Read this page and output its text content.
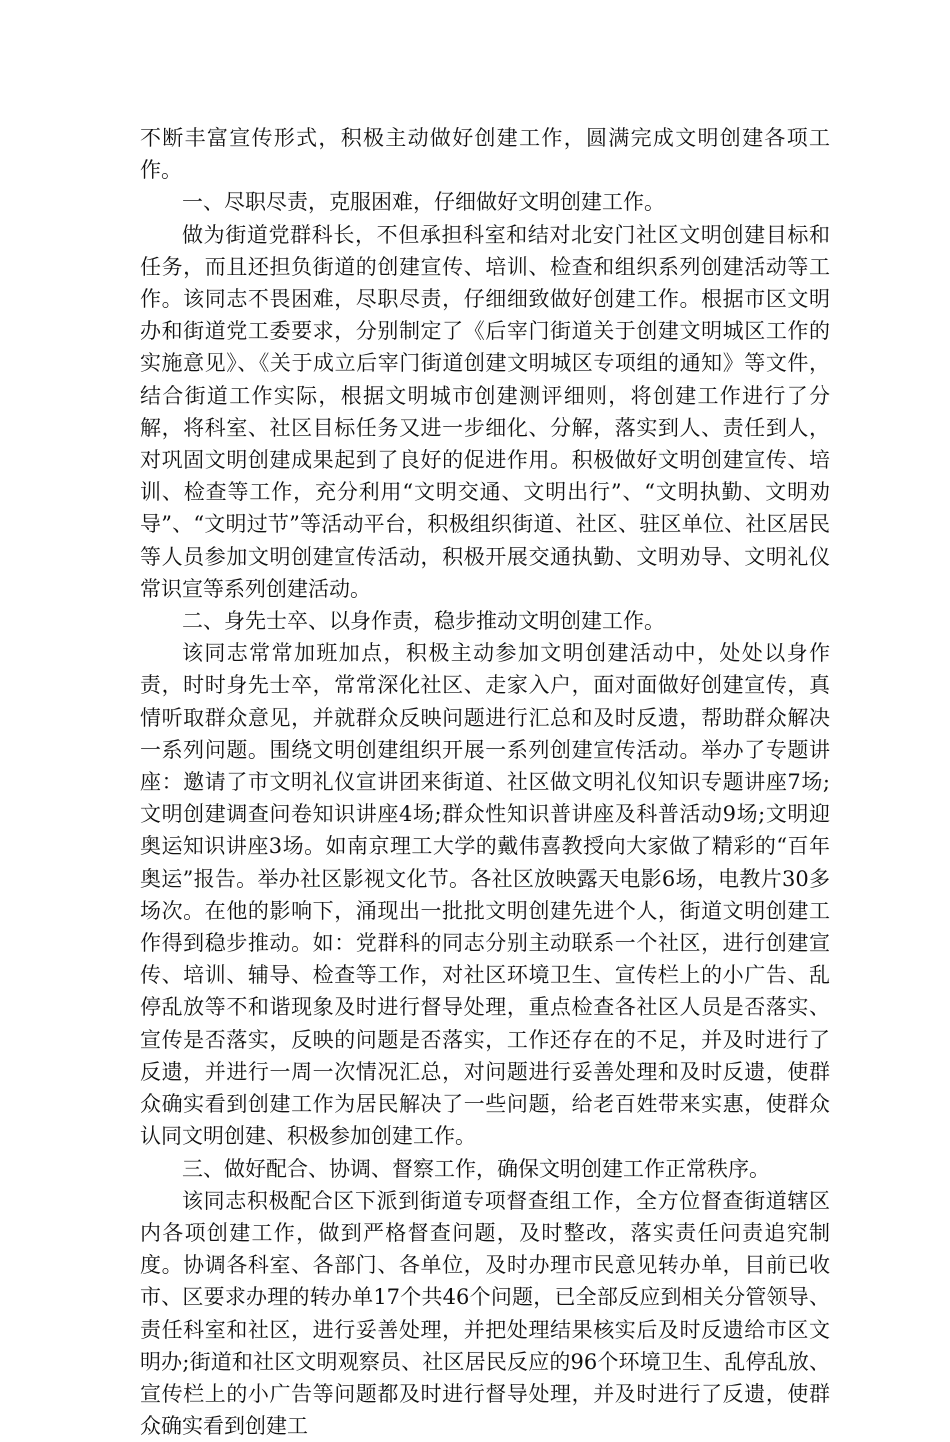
不断丰富宣传形式，积极主动做好创建工作，圆满完成文明创建各项工作。

一、尽职尽责，克服困难，仔细做好文明创建工作。

做为街道党群科长，不但承担科室和结对北安门社区文明创建目标和任务，而且还担负街道的创建宣传、培训、检查和组织系列创建活动等工作。该同志不畏困难，尽职尽责，仔细细致做好创建工作。根据市区文明办和街道党工委要求，分别制定了《后宰门街道关于创建文明城区工作的实施意见》、《关于成立后宰门街道创建文明城区专项组的通知》等文件，结合街道工作实际，根据文明城市创建测评细则，将创建工作进行了分解，将科室、社区目标任务又进一步细化、分解，落实到人、责任到人，对巩固文明创建成果起到了良好的促进作用。积极做好文明创建宣传、培训、检查等工作，充分利用“文明交通、文明出行”、“文明执勤、文明劝导”、“文明过节”等活动平台，积极组织街道、社区、驻区单位、社区居民等人员参加文明创建宣传活动，积极开展交通执勤、文明劝导、文明礼仪常识宣等系列创建活动。

二、身先士卒、以身作责，稳步推动文明创建工作。

该同志常常加班加点，积极主动参加文明创建活动中，处处以身作责，时时身先士卒，常常深化社区、走家入户，面对面做好创建宣传，真情听取群众意见，并就群众反映问题进行汇总和及时反遗，帮助群众解决一系列问题。围绕文明创建组织开展一系列创建宣传活动。举办了专题讲座：邀请了市文明礼仪宣讲团来街道、社区做文明礼仪知识专题讲座7场;文明创建调查问卷知识讲座4场;群众性知识普讲座及科普活动9场;文明迎奥运知识讲座3场。如南京理工大学的戴伟喜教授向大家做了精彩的“百年奥运”报告。举办社区影视文化节。各社区放映露天电影6场，电教片30多场次。在他的影响下，涌现出一批批文明创建先进个人，街道文明创建工作得到稳步推动。如：党群科的同志分别主动联系一个社区，进行创建宣传、培训、辅导、检查等工作，对社区环境卫生、宣传栏上的小广告、乱停乱放等不和谐现象及时进行督导处理，重点检查各社区人员是否落实、宣传是否落实，反映的问题是否落实，工作还存在的不足，并及时进行了反遗，并进行一周一次情况汇总，对问题进行妥善处理和及时反遗，使群众确实看到创建工作为居民解决了一些问题，给老百姓带来实惠，使群众认同文明创建、积极参加创建工作。

三、做好配合、协调、督察工作，确保文明创建工作正常秩序。

该同志积极配合区下派到街道专项督查组工作，全方位督查街道辖区内各项创建工作，做到严格督查问题，及时整改，落实责任问责追究制度。协调各科室、各部门、各单位，及时办理市民意见转办单，目前已收市、区要求办理的转办单17个共46个问题，已全部反应到相关分管领导、责任科室和社区，进行妥善处理，并把处理结果核实后及时反遗给市区文明办;街道和社区文明观察员、社区居民反应的96个环境卫生、乱停乱放、宣传栏上的小广告等问题都及时进行督导处理，并及时进行了反遗，使群众确实看到创建工
